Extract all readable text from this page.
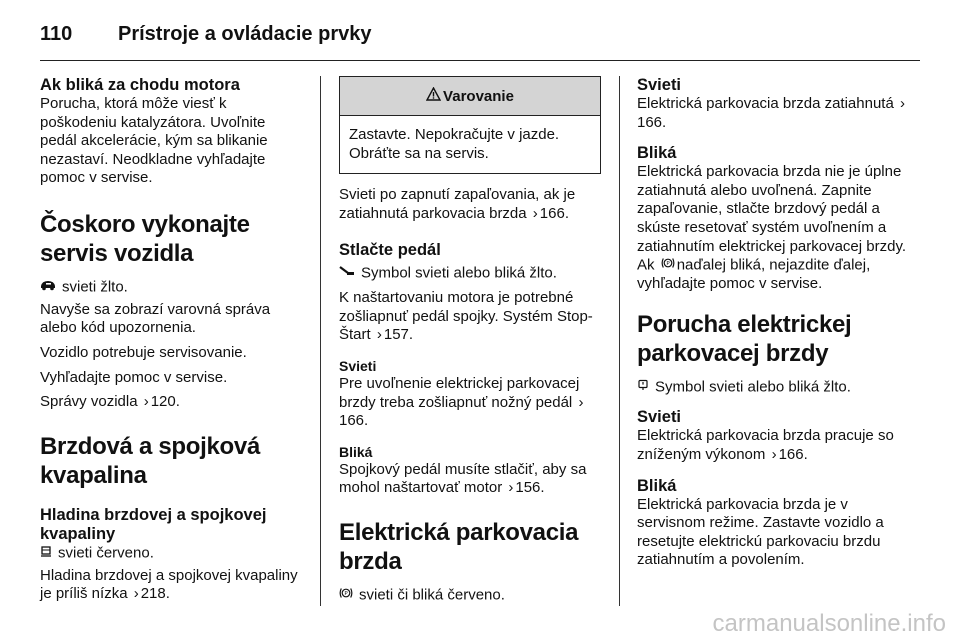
110	Prístroje a ovládacie prvky

Ak bliká za chodu motora

Porucha, ktorá môže viesť k poškodeniu katalyzátora. Uvoľnite pedál akcelerácie, kým sa blikanie nezastaví. Neodkladne vyhľadajte pomoc v servise.

Čoskoro vykonajte servis vozidla

svieti žlto.

Navyše sa zobrazí varovná správa alebo kód upozornenia.

Vozidlo potrebuje servisovanie.

Vyhľadajte pomoc v servise.

Správy vozidla › 120.

Brzdová a spojková kvapalina

Hladina brzdovej a spojkovej kvapaliny

svieti červeno.

Hladina brzdovej a spojkovej kvapaliny je príliš nízka › 218.

Varovanie
Zastavte. Nepokračujte v jazde. Obráťte sa na servis.

Svieti po zapnutí zapaľovania, ak je zatiahnutá parkovacia brzda › 166.

Stlačte pedál

Symbol svieti alebo bliká žlto.

K naštartovaniu motora je potrebné zošliapnuť pedál spojky. Systém Stop-Štart › 157.

Svieti

Pre uvoľnenie elektrickej parkovacej brzdy treba zošliapnuť nožný pedál ›166.

Bliká

Spojkový pedál musíte stlačiť, aby sa mohol naštartovať motor › 156.

Elektrická parkovacia brzda

P svieti či bliká červeno.

Svieti

Elektrická parkovacia brzda zatiahnutá ›166.

Bliká

Elektrická parkovacia brzda nie je úplne zatiahnutá alebo uvoľnená. Zapnite zapaľovanie, stlačte brzdový pedál a skúste resetovať systém uvoľnením a zatiahnutím elektrickej parkovacej brzdy. Ak P naďalej bliká, nejazdite ďalej, vyhľadajte pomoc v servise.

Porucha elektrickej parkovacej brzdy

Symbol svieti alebo bliká žlto.

Svieti

Elektrická parkovacia brzda pracuje so zníženým výkonom › 166.

Bliká

Elektrická parkovacia brzda je v servisnom režime. Zastavte vozidlo a resetujte elektrickú parkovaciu brzdu zatiahnutím a povolením.

carmanualsonline.info
